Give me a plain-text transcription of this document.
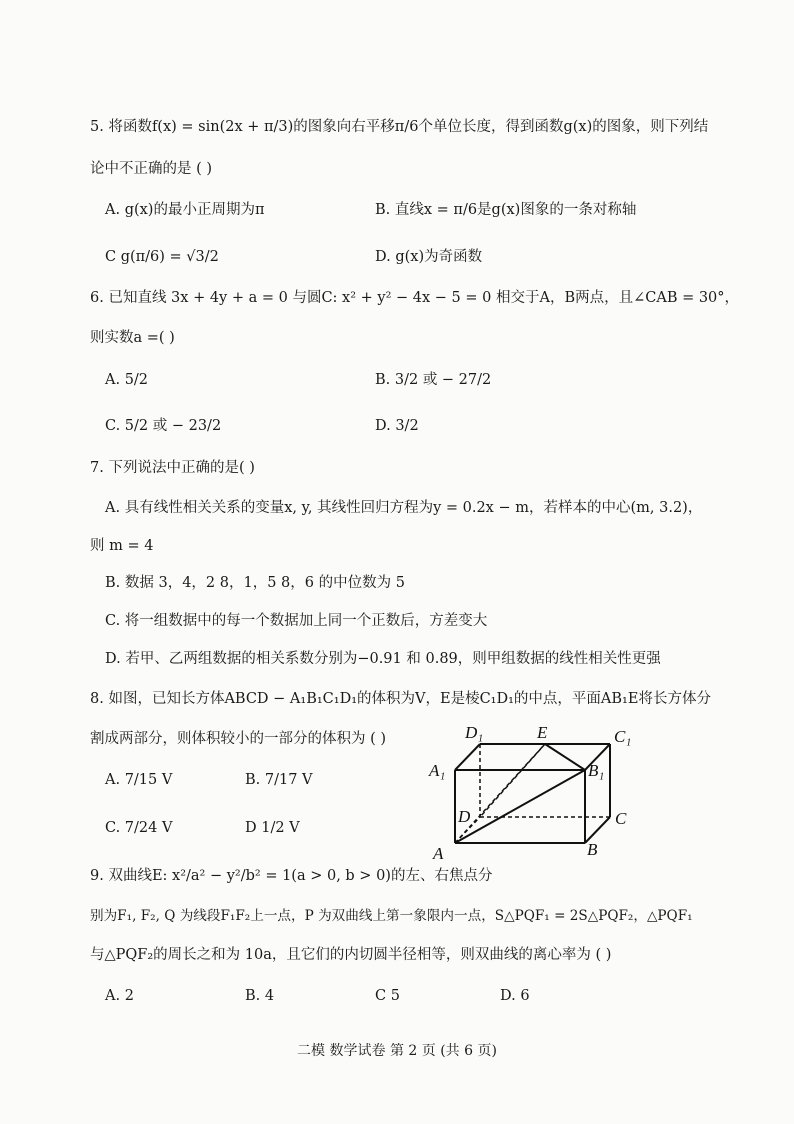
5. 将函数f(x) = sin(2x + π/3)的图象向右平移π/6个单位长度，得到函数g(x)的图象，则下列结
论中不正确的是 ( )
A. g(x)的最小正周期为π	B. 直线x = π/6是g(x)图象的一条对称轴
C g(π/6) = √3/2	D. g(x)为奇函数
6. 已知直线 3x + 4y + a = 0 与圆C: x² + y² − 4x − 5 = 0 相交于A，B两点，且∠CAB = 30°，
则实数a =( )
A. 5/2	B. 3/2 或 − 27/2
C. 5/2 或 − 23/2	D. 3/2
7. 下列说法中正确的是( )
A. 具有线性相关关系的变量x, y, 其线性回归方程为y = 0.2x − m，若样本的中心(m, 3.2)，
则 m = 4
B. 数据 3，4，2 8，1，5 8，6 的中位数为 5
C. 将一组数据中的每一个数据加上同一个正数后，方差变大
D. 若甲、乙两组数据的相关系数分别为−0.91 和 0.89，则甲组数据的线性相关性更强
8. 如图，已知长方体ABCD − A₁B₁C₁D₁的体积为V，E是棱C₁D₁的中点，平面AB₁E将长方体分
割成两部分，则体积较小的一部分的体积为 ( )
A. 7/15 V	B. 7/17 V
C. 7/24 V	D 1/2 V
D₁	E	C₁
A₁	B₁
D	C
A	B
9. 双曲线E: x²/a² − y²/b² = 1(a > 0, b > 0)的左、右焦点分
别为F₁, F₂, Q 为线段F₁F₂上一点，P 为双曲线上第一象限内一点，S△PQF₁ = 2S△PQF₂，△PQF₁
与△PQF₂的周长之和为 10a，且它们的内切圆半径相等，则双曲线的离心率为 ( )
A. 2	B. 4	C 5	D. 6
二模 数学试卷 第 2 页 (共 6 页)
